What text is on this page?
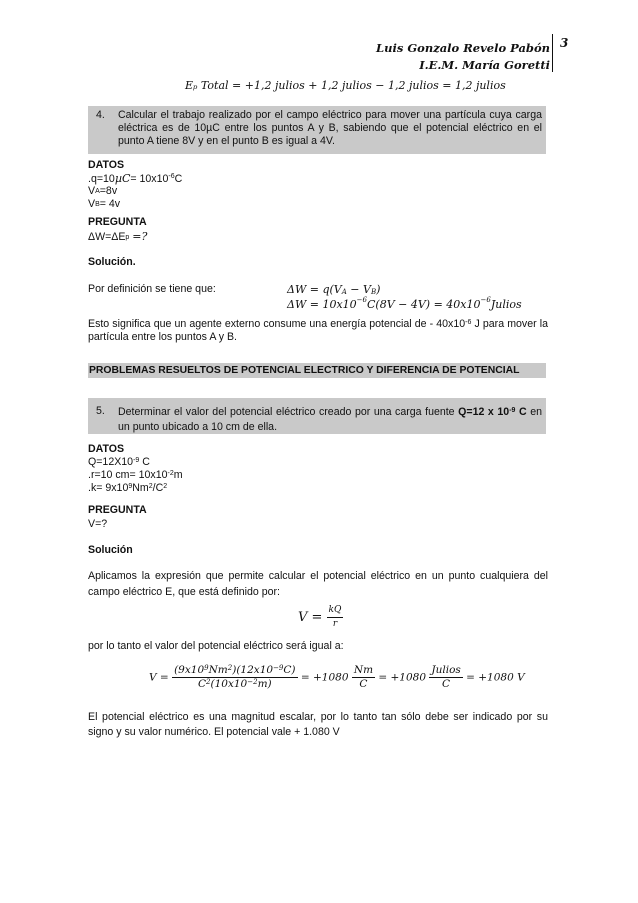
Luis Gonzalo Revelo Pabón
I.E.M. María Goretti
3
Eₚ Total = +1,2 julios + 1,2 julios − 1,2 julios = 1,2 julios
4. Calcular el trabajo realizado por el campo eléctrico para mover una partícula cuya carga eléctrica es de 10µC entre los puntos A y B, sabiendo que el potencial eléctrico en el punto A tiene 8V y en el punto B es igual a 4V.
DATOS
$.q=10\mu C= 10x10^{-6}C$
VA=8v
VB= 4v
PREGUNTA
ΔW=ΔEp =?
Solución.
Por definición se tiene que:	ΔW = q(VA − VB)
$\Delta W = 10x10^{-6}C(8V - 4V)$ = $40x10^{-6}Julios$
Esto significa que un agente externo consume una energía potencial de - $40x10^{-6}$ J para mover la partícula entre los puntos A y B.
PROBLEMAS RESUELTOS DE POTENCIAL ELECTRICO Y DIFERENCIA DE POTENCIAL
5. Determinar el valor del potencial eléctrico creado por una carga fuente Q=12 x $10^{-9}$ C en un punto ubicado a 10 cm de ella.
DATOS
$Q=12X10^{-9}$ C
.r=10 $cm= 10x10^{-2}m$
$.k= 9x10^9Nm^2/C^2$
PREGUNTA
V=?
Solución
Aplicamos la expresión que permite calcular el potencial eléctrico en un punto cualquiera del campo eléctrico E, que está definido por:
$V = \frac{kQ}{r}$
por lo tanto el valor del potencial eléctrico será igual a:
$V = \frac{(9x10^9Nm^2)(12x10^{-9}C)}{C^2(10x10^{-2}m)} = +1080 \frac{Nm}{C} = +1080 \frac{\text{Julios}}{C} = +1080$ V
El potencial eléctrico es una magnitud escalar, por lo tanto tan sólo debe ser indicado por su signo y su valor numérico. El potencial vale + 1.080 V
